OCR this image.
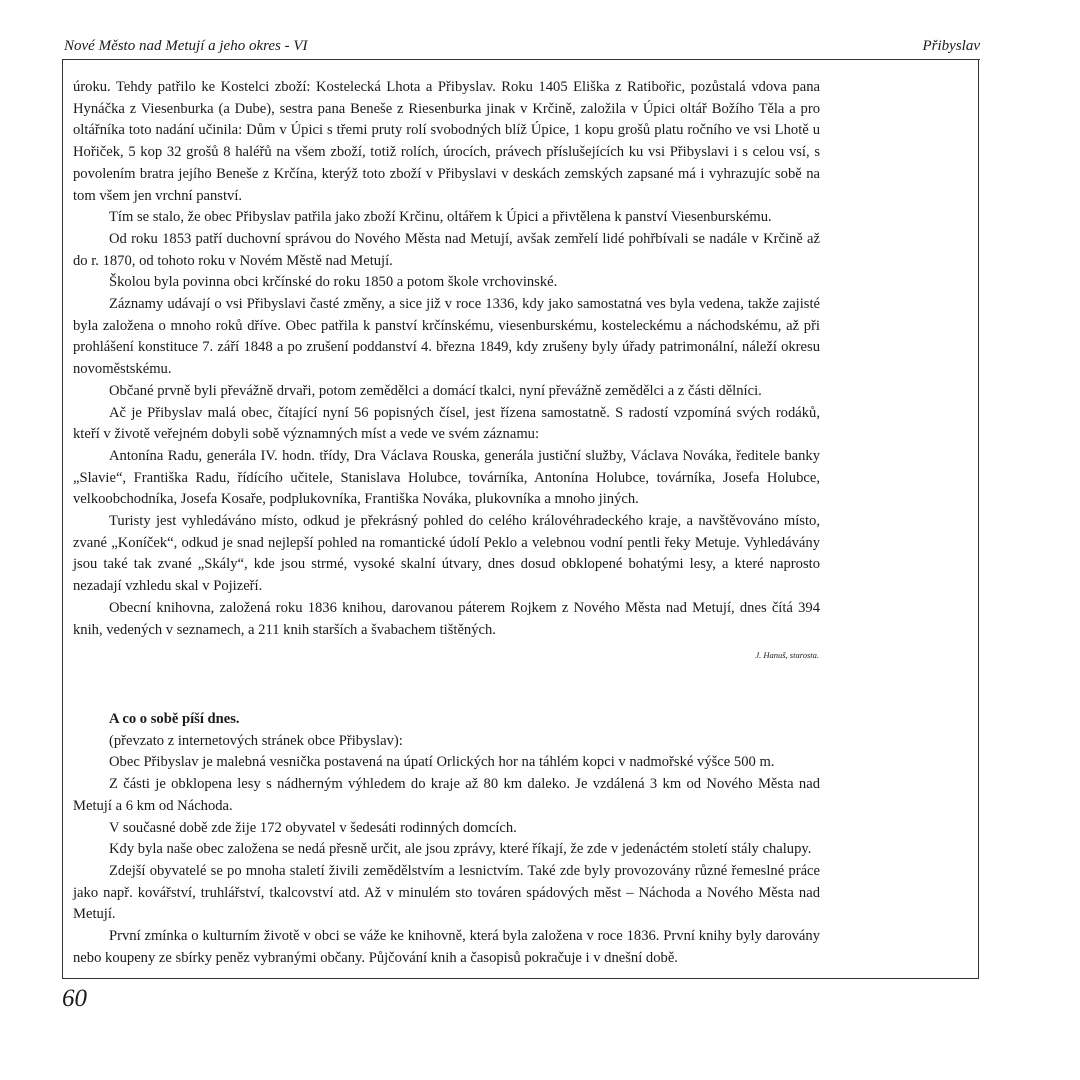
Nové Město nad Metují a jeho okres - VI	Přibyslav

úroku. Tehdy patřilo ke Kostelci zboží: Kostelecká Lhota a Přibyslav. Roku 1405 Eliška z Ratibořic, pozůstalá vdova pana Hynáčka z Viesenburka (a Dube), sestra pana Beneše z Riesenburka jinak v Krčině, založila v Úpici oltář Božího Těla a pro oltářníka toto nadání učinila: Dům v Úpici s třemi pruty rolí svobodných blíž Úpice, 1 kopu grošů platu ročního ve vsi Lhotě u Hořiček, 5 kop 32 grošů 8 haléřů na všem zboží, totiž rolích, úrocích, právech příslušejících ku vsi Přibyslavi i s celou vsí, s povolením bratra jejího Beneše z Krčína, kterýž toto zboží v Přibyslavi v deskách zemských zapsané má i vyhrazujíc sobě na tom všem jen vrchní panství.

Tím se stalo, že obec Přibyslav patřila jako zboží Krčinu, oltářem k Úpici a přivtělena k panství Viesenburskému.

Od roku 1853 patří duchovní správou do Nového Města nad Metují, avšak zemřelí lidé pohřbívali se nadále v Krčině až do r. 1870, od tohoto roku v Novém Městě nad Metují.

Školou byla povinna obci krčínské do roku 1850 a potom škole vrchovinské.

Záznamy udávají o vsi Přibyslavi časté změny, a sice již v roce 1336, kdy jako samostatná ves byla vedena, takže zajisté byla založena o mnoho roků dříve. Obec patřila k panství krčínskému, viesenburskému, kosteleckému a náchodskému, až při prohlášení konstituce 7. září 1848 a po zrušení poddanství 4. března 1849, kdy zrušeny byly úřady patrimonální, náleží okresu novoměstskému.

Občané prvně byli převážně drvaři, potom zemědělci a domácí tkalci, nyní převážně zemědělci a z části dělníci.

Ač je Přibyslav malá obec, čítající nyní 56 popisných čísel, jest řízena samostatně. S radostí vzpomíná svých rodáků, kteří v životě veřejném dobyli sobě významných míst a vede ve svém záznamu:

Antonína Radu, generála IV. hodn. třídy, Dra Václava Rouska, generála justiční služby, Václava Nováka, ředitele banky „Slavie“, Františka Radu, řídícího učitele, Stanislava Holubce, továrníka, Antonína Holubce, továrníka, Josefa Holubce, velkoobchodníka, Josefa Kosaře, podplukovníka, Františka Nováka, plukovníka a mnoho jiných.

Turisty jest vyhledáváno místo, odkud je překrásný pohled do celého královéhradeckého kraje, a navštěvováno místo, zvané „Koníček“, odkud je snad nejlepší pohled na romantické údolí Peklo a velebnou vodní pentli řeky Metuje. Vyhledávány jsou také tak zvané „Skály“, kde jsou strmé, vysoké skalní útvary, dnes dosud obklopené bohatými lesy, a které naprosto nezadají vzhledu skal v Pojizeří.

Obecní knihovna, založená roku 1836 knihou, darovanou páterem Rojkem z Nového Města nad Metují, dnes čítá 394 knih, vedených v seznamech, a 211 knih starších a švabachem tištěných.

J. Hanuš, starosta.

A co o sobě píší dnes.

(převzato z internetových stránek obce Přibyslav):

Obec Přibyslav je malebná vesnička postavená na úpatí Orlických hor na táhlém kopci v nadmořské výšce 500 m.

Z části je obklopena lesy s nádherným výhledem do kraje až 80 km daleko. Je vzdálená 3 km od Nového Města nad Metují a 6 km od Náchoda.

V současné době zde žije 172 obyvatel v šedesáti rodinných domcích.

Kdy byla naše obec založena se nedá přesně určit, ale jsou zprávy, které říkají, že zde v jedenáctém století stály chalupy.

Zdejší obyvatelé se po mnoha staletí živili zemědělstvím a lesnictvím. Také zde byly provozovány různé řemeslné práce jako např. kovářství, truhlářství, tkalcovství atd. Až v minulém sto továren spádových měst – Náchoda a Nového Města nad Metují.

První zmínka o kulturním životě v obci se váže ke knihovně, která byla založena v roce 1836. První knihy byly darovány nebo koupeny ze sbírky peněz vybranými občany. Půjčování knih a časopisů pokračuje i v dnešní době.

60
